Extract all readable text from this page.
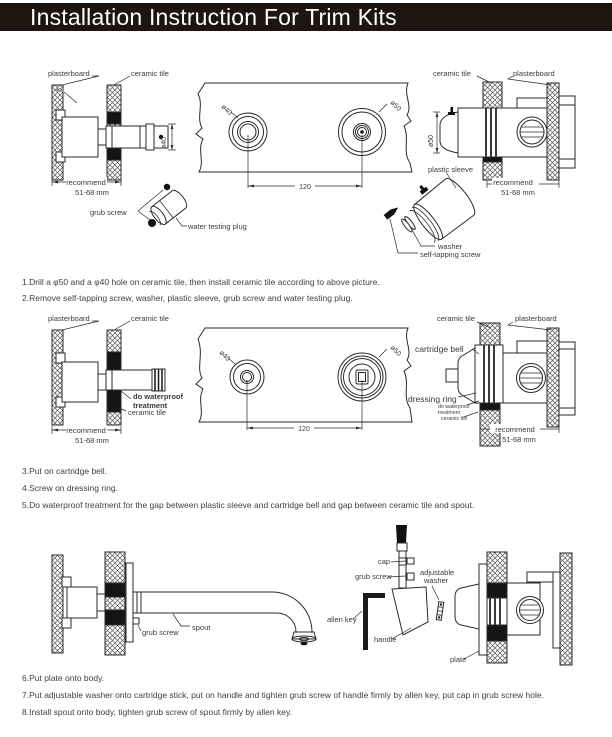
Installation Instruction For Trim Kits
plasterboard	ceramic tile
ø40
recommend
51-68 mm
ø40	ø50
120
ceramic tile	plasterboard
ø50
plastic sleeve
recommend
51-68 mm
grub screw
water testing plug
washer
self-tapping screw
1.Drill a φ50 and a φ40 hole on ceramic tile, then install ceramic tile according to above picture.
2.Remove self-tapping screw, washer, plastic sleeve, grub screw and water testing plug.
plasterboard	ceramic tile
do waterproof
treatment
ceramic tile
recommend
51-68 mm
ø40	ø50
120
ceramic tile	plasterboard
cartridge bell
dressing ring
do waterproof
treatment
ceramic tile
recommend
51-68 mm
3.Put on cartridge bell.
4.Screw on dressing ring.
5.Do waterproof treatment for the gap between plastic sleeve and cartridge bell and gap between ceramic tile and spout.
grub screw
spout
cap
grub screw	adjustable
washer
allen key
handle
plate
6.Put plate onto body.
7.Put adjustable washer onto cartridge stick, put on handle and tighten grub screw of handle firmly by allen key, put cap in grub screw hole.
8.Install spout onto body, tighten grub screw of spout firmly by allen key.
